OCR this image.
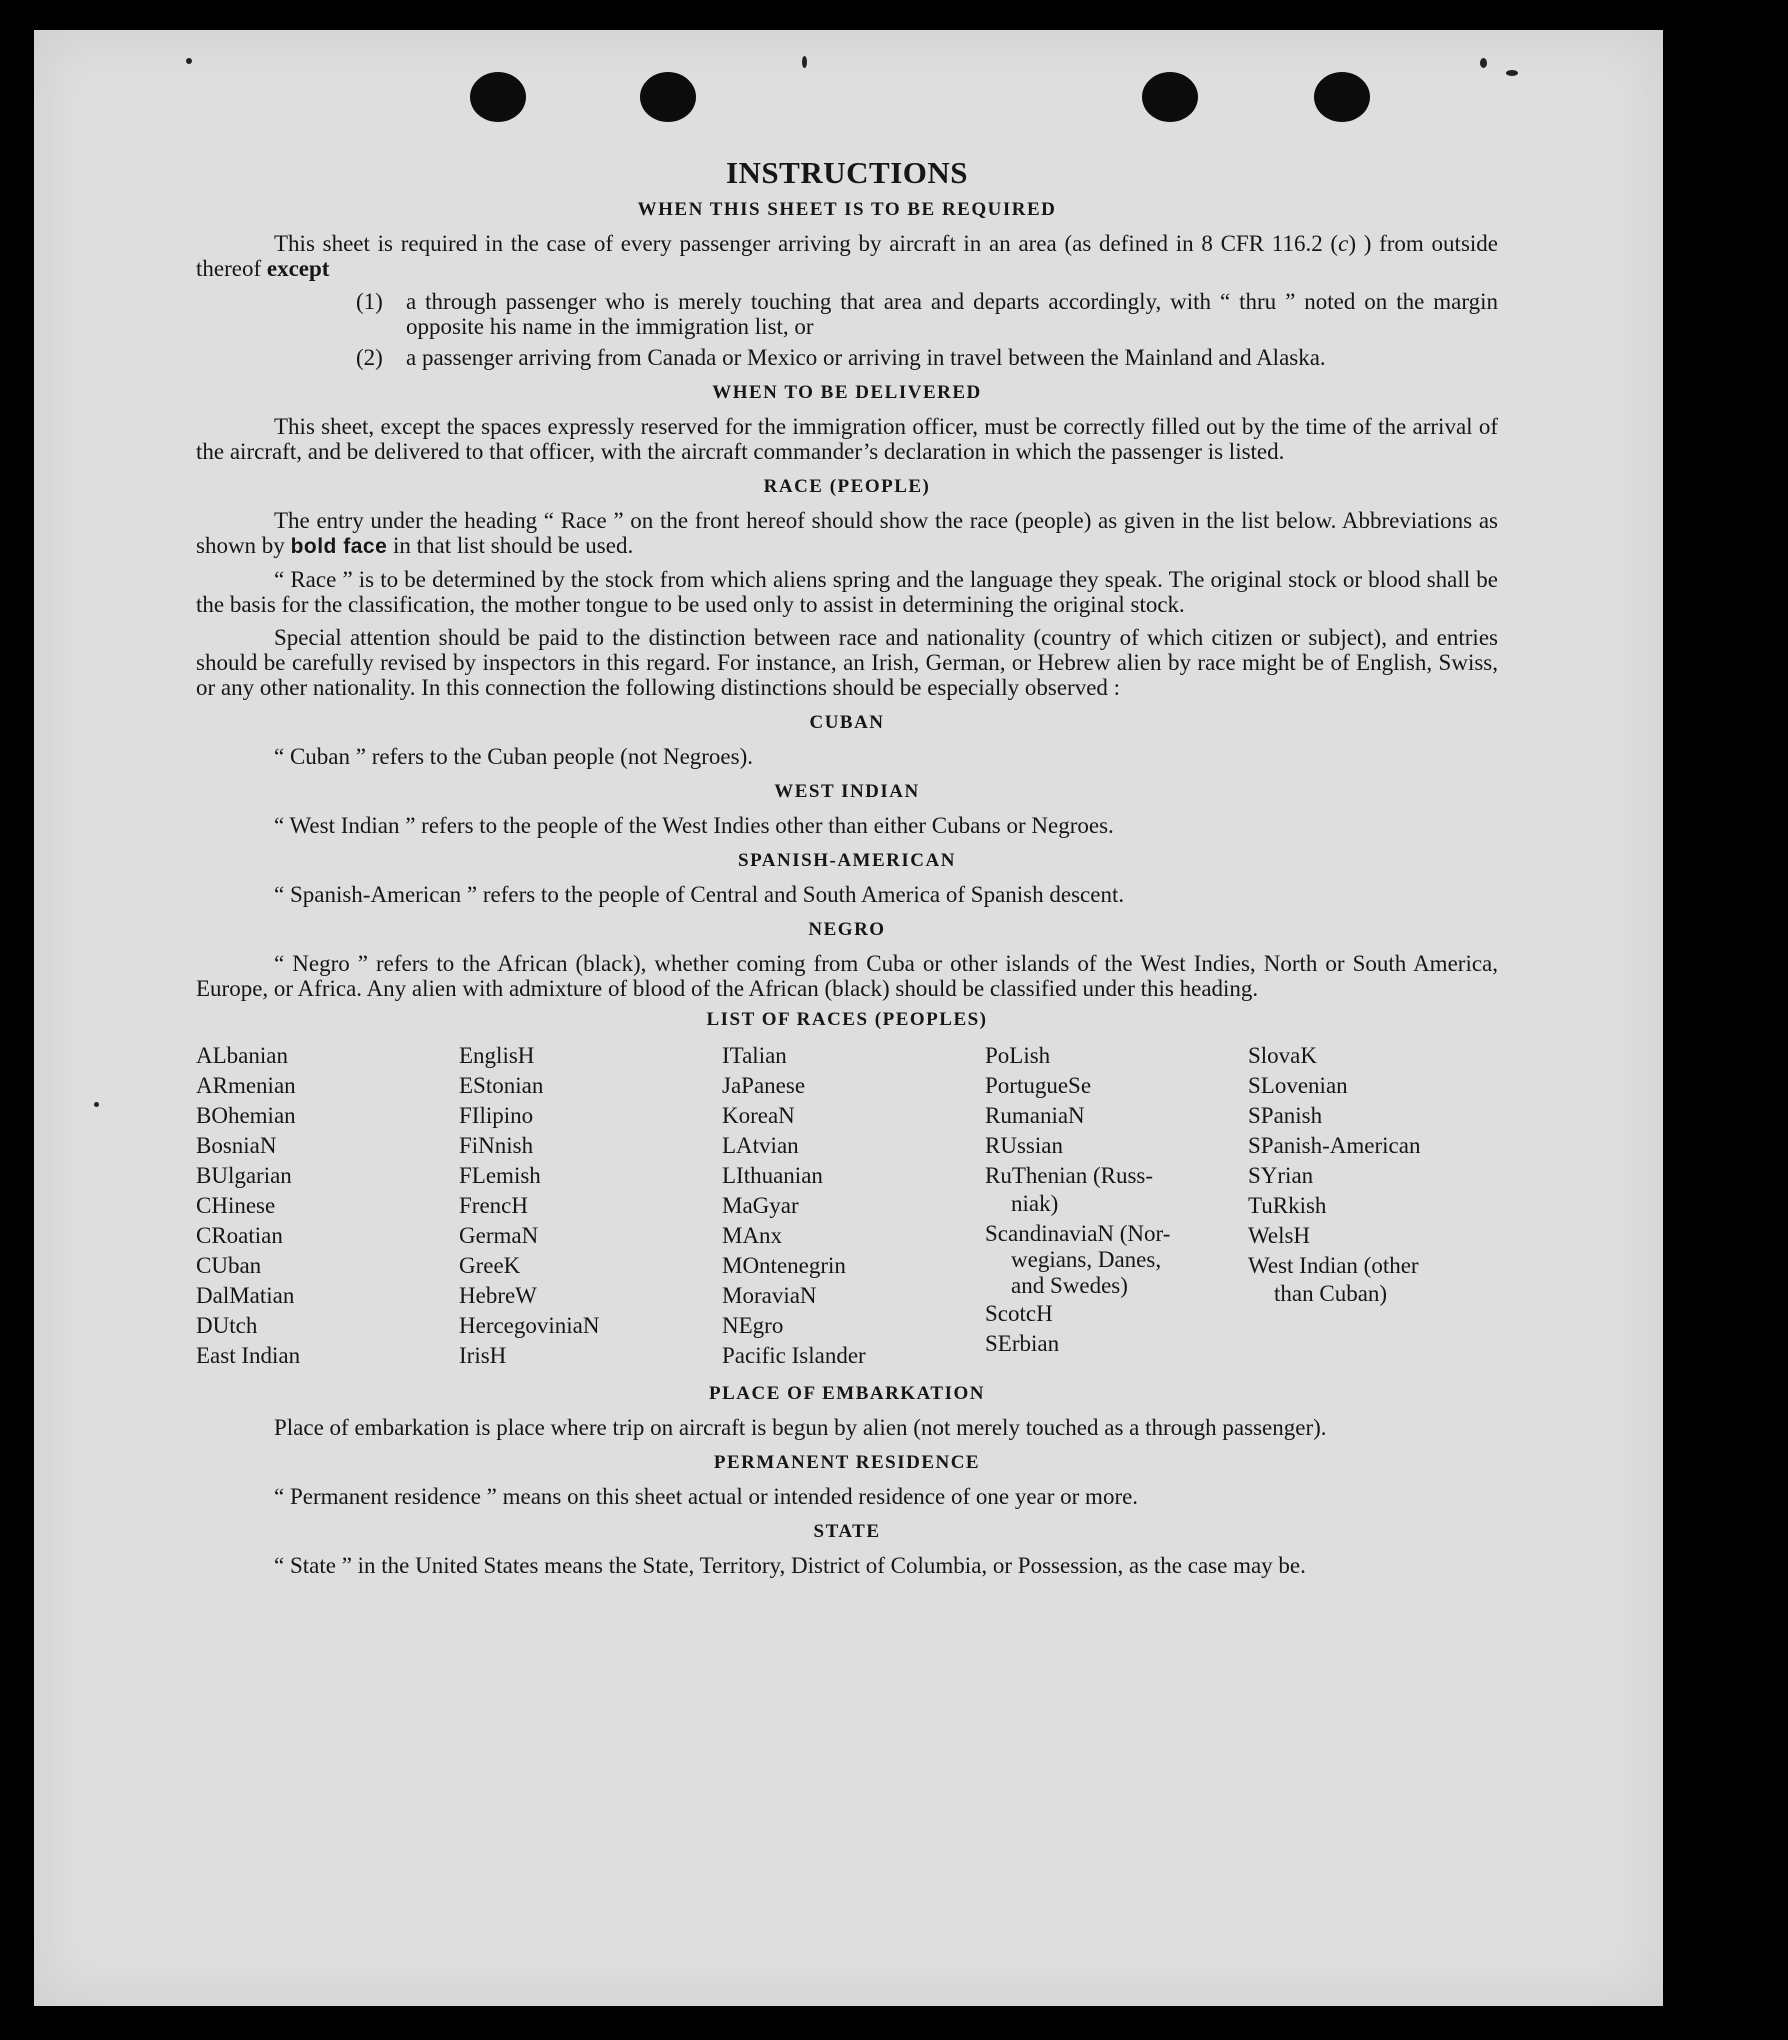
INSTRUCTIONS
WHEN THIS SHEET IS TO BE REQUIRED
This sheet is required in the case of every passenger arriving by aircraft in an area (as defined in 8 CFR 116.2 (c) ) from outside thereof except
(1) a through passenger who is merely touching that area and departs accordingly, with “ thru ” noted on the margin opposite his name in the immigration list, or
(2) a passenger arriving from Canada or Mexico or arriving in travel between the Mainland and Alaska.
WHEN TO BE DELIVERED
This sheet, except the spaces expressly reserved for the immigration officer, must be correctly filled out by the time of the arrival of the aircraft, and be delivered to that officer, with the aircraft commander’s declaration in which the passenger is listed.
RACE (PEOPLE)
The entry under the heading “ Race ” on the front hereof should show the race (people) as given in the list below. Abbreviations as shown by bold face in that list should be used.
“ Race ” is to be determined by the stock from which aliens spring and the language they speak. The original stock or blood shall be the basis for the classification, the mother tongue to be used only to assist in determining the original stock.
Special attention should be paid to the distinction between race and nationality (country of which citizen or subject), and entries should be carefully revised by inspectors in this regard. For instance, an Irish, German, or Hebrew alien by race might be of English, Swiss, or any other nationality. In this connection the following distinctions should be especially observed :
CUBAN
“ Cuban ” refers to the Cuban people (not Negroes).
WEST INDIAN
“ West Indian ” refers to the people of the West Indies other than either Cubans or Negroes.
SPANISH-AMERICAN
“ Spanish-American ” refers to the people of Central and South America of Spanish descent.
NEGRO
“ Negro ” refers to the African (black), whether coming from Cuba or other islands of the West Indies, North or South America, Europe, or Africa. Any alien with admixture of blood of the African (black) should be classified under this heading.
LIST OF RACES (PEOPLES)
ALbanian
ARmenian
BOhemian
BosniaN
BUlgarian
CHinese
CRoatian
CUban
DalMatian
DUtch
East Indian
EnglisH
EStonian
FIlipino
FiNnish
FLemish
FrencH
GermaN
GreeK
HebreW
HercegoviniaN
IrisH
ITalian
JaPanese
KoreaN
LAtvian
LIthuanian
MaGyar
MAnx
MOntenegrin
MoraviaN
NEgro
Pacific Islander
PoLish
PortugueSe
RumaniaN
RUssian
RuThenian (Russ-
niak)
ScandinaviaN (Nor-
wegians, Danes,
and Swedes)
ScotcH
SErbian
SlovaK
SLovenian
SPanish
SPanish-American
SYrian
TuRkish
WelsH
West Indian (other
than Cuban)
PLACE OF EMBARKATION
Place of embarkation is place where trip on aircraft is begun by alien (not merely touched as a through passenger).
PERMANENT RESIDENCE
“ Permanent residence ” means on this sheet actual or intended residence of one year or more.
STATE
“ State ” in the United States means the State, Territory, District of Columbia, or Possession, as the case may be.
